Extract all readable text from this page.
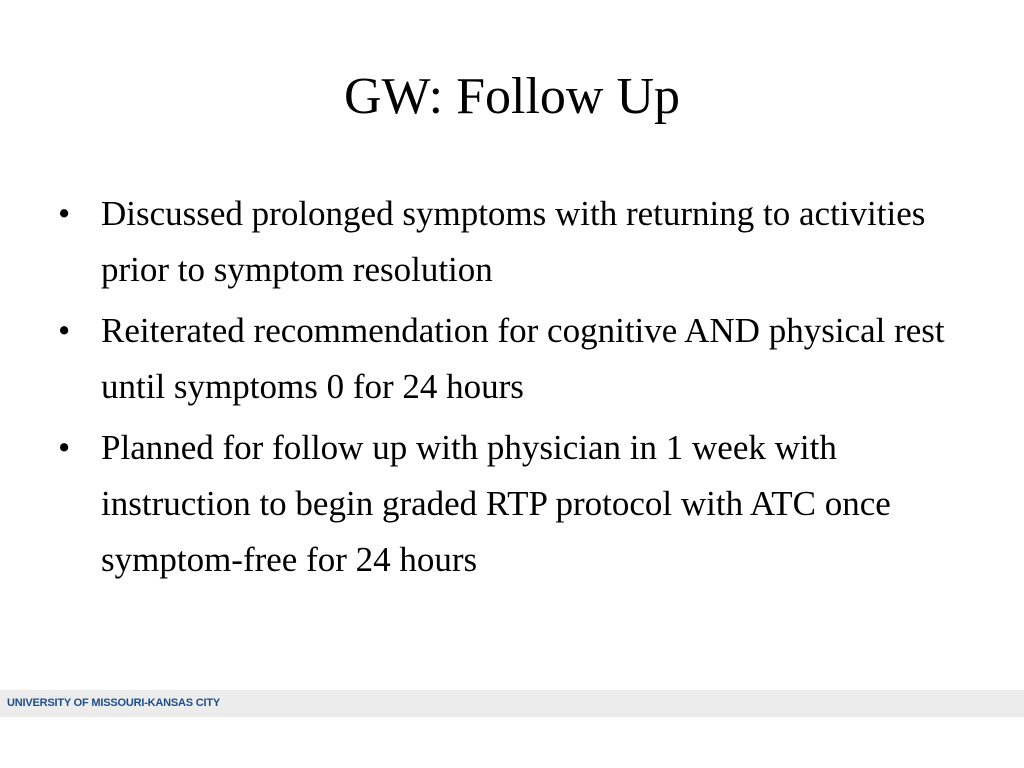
GW: Follow Up
• Discussed prolonged symptoms with returning to activities prior to symptom resolution
• Reiterated recommendation for cognitive AND physical rest until symptoms 0 for 24 hours
• Planned for follow up with physician in 1 week with instruction to begin graded RTP protocol with ATC once symptom-free for 24 hours
UNIVERSITY OF MISSOURI-KANSAS CITY
